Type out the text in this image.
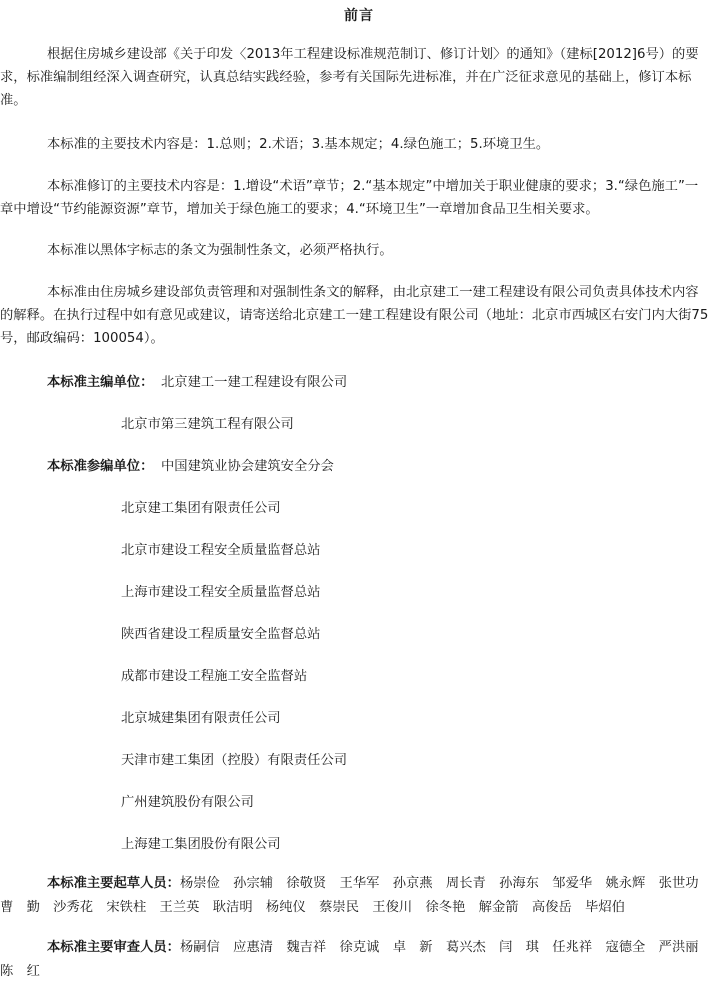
前言

根据住房城乡建设部《关于印发〈2013年工程建设标准规范制订、修订计划〉的通知》（建标[2012]6号）的要求，标准编制组经深入调查研究，认真总结实践经验，参考有关国际先进标准，并在广泛征求意见的基础上，修订本标准。

本标准的主要技术内容是：1.总则；2.术语；3.基本规定；4.绿色施工；5.环境卫生。

本标准修订的主要技术内容是：1.增设“术语”章节；2.“基本规定”中增加关于职业健康的要求；3.“绿色施工”一章中增设“节约能源资源”章节，增加关于绿色施工的要求；4.“环境卫生”一章增加食品卫生相关要求。

本标准以黑体字标志的条文为强制性条文，必须严格执行。

本标准由住房城乡建设部负责管理和对强制性条文的解释，由北京建工一建工程建设有限公司负责具体技术内容的解释。在执行过程中如有意见或建议，请寄送给北京建工一建工程建设有限公司（地址：北京市西城区右安门内大街75号，邮政编码：100054）。

本标准主编单位： 北京建工一建工程建设有限公司
北京市第三建筑工程有限公司
本标准参编单位： 中国建筑业协会建筑安全分会
北京建工集团有限责任公司
北京市建设工程安全质量监督总站
上海市建设工程安全质量监督总站
陕西省建设工程质量安全监督总站
成都市建设工程施工安全监督站
北京城建集团有限责任公司
天津市建工集团（控股）有限责任公司
广州建筑股份有限公司
上海建工集团股份有限公司

本标准主要起草人员：杨崇俭　孙宗辅　徐敬贤　王华军　孙京燕　周长青　孙海东　邹爱华　姚永辉　张世功　曹　勤　沙秀花　宋铁柱　王兰英　耿洁明　杨纯仪　蔡崇民　王俊川　徐冬艳　解金箭　高俊岳　毕炤伯

本标准主要审查人员：杨嗣信　应惠清　魏吉祥　徐克诚　卓　新　葛兴杰　闫　琪　任兆祥　寇德全　严洪丽　陈　红
